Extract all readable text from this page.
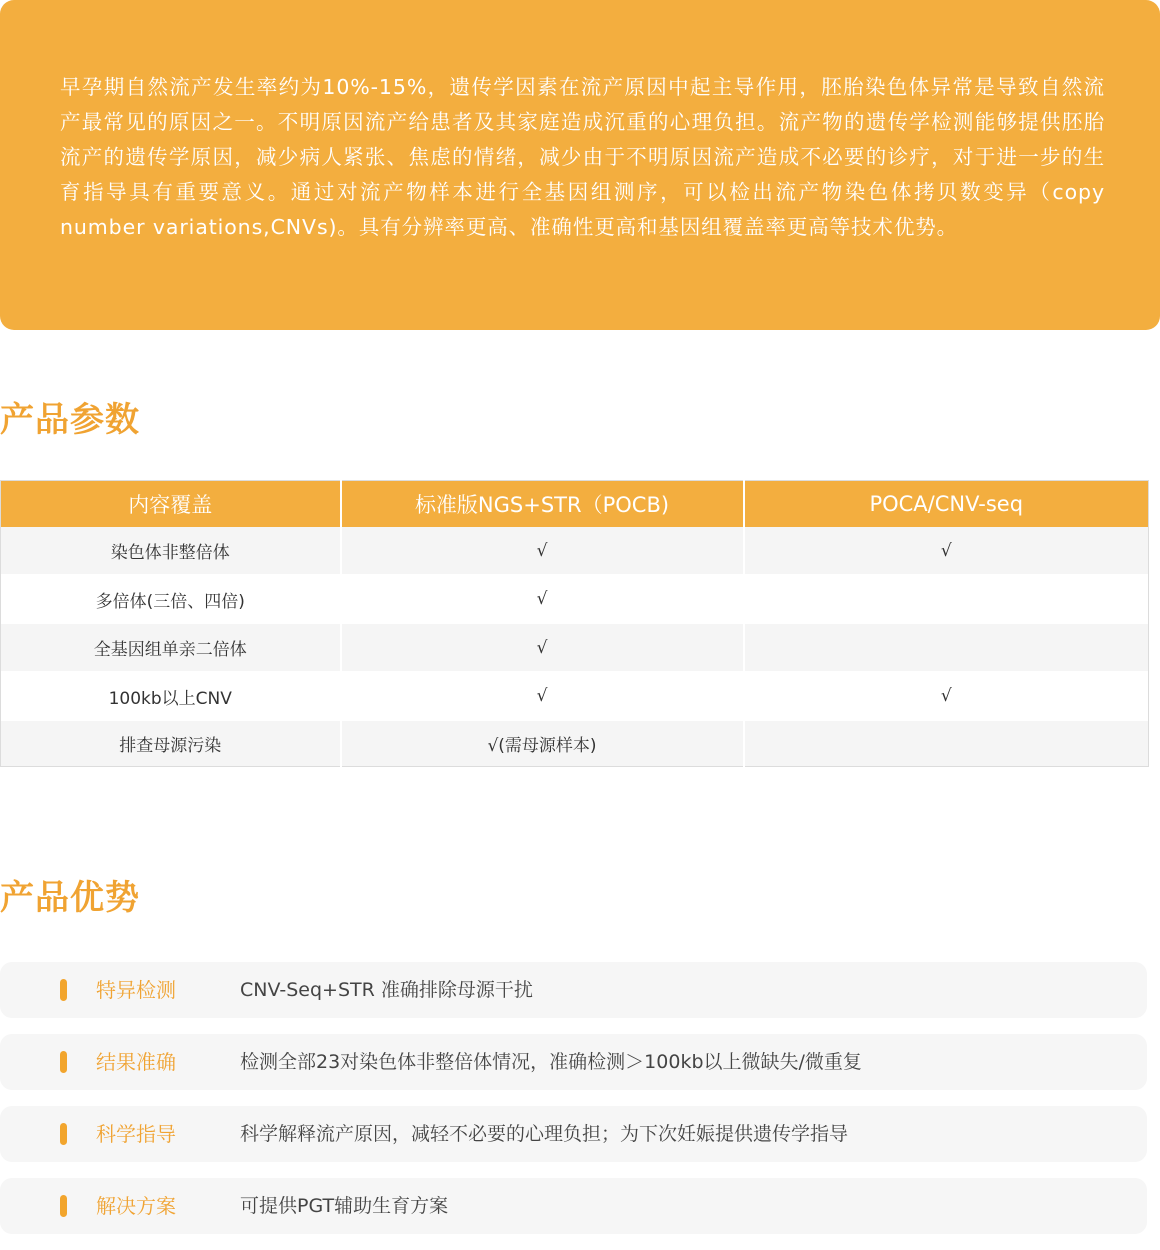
早孕期自然流产发生率约为10%-15%，遗传学因素在流产原因中起主导作用，胚胎染色体异常是导致自然流产最常见的原因之一。不明原因流产给患者及其家庭造成沉重的心理负担。流产物的遗传学检测能够提供胚胎流产的遗传学原因，减少病人紧张、焦虑的情绪，减少由于不明原因流产造成不必要的诊疗，对于进一步的生育指导具有重要意义。通过对流产物样本进行全基因组测序，可以检出流产物染色体拷贝数变异（copy number variations,CNVs)。具有分辨率更高、准确性更高和基因组覆盖率更高等技术优势。

产品参数
内容覆盖	标准版NGS+STR（POCB)	POCA/CNV-seq
染色体非整倍体	√	√
多倍体(三倍、四倍)	√	
全基因组单亲二倍体	√	
100kb以上CNV	√	√
排查母源污染	√(需母源样本)	
产品优势
特异检测	CNV-Seq+STR 准确排除母源干扰
结果准确	检测全部23对染色体非整倍体情况，准确检测＞100kb以上微缺失/微重复
科学指导	科学解释流产原因，减轻不必要的心理负担；为下次妊娠提供遗传学指导
解决方案	可提供PGT辅助生育方案
